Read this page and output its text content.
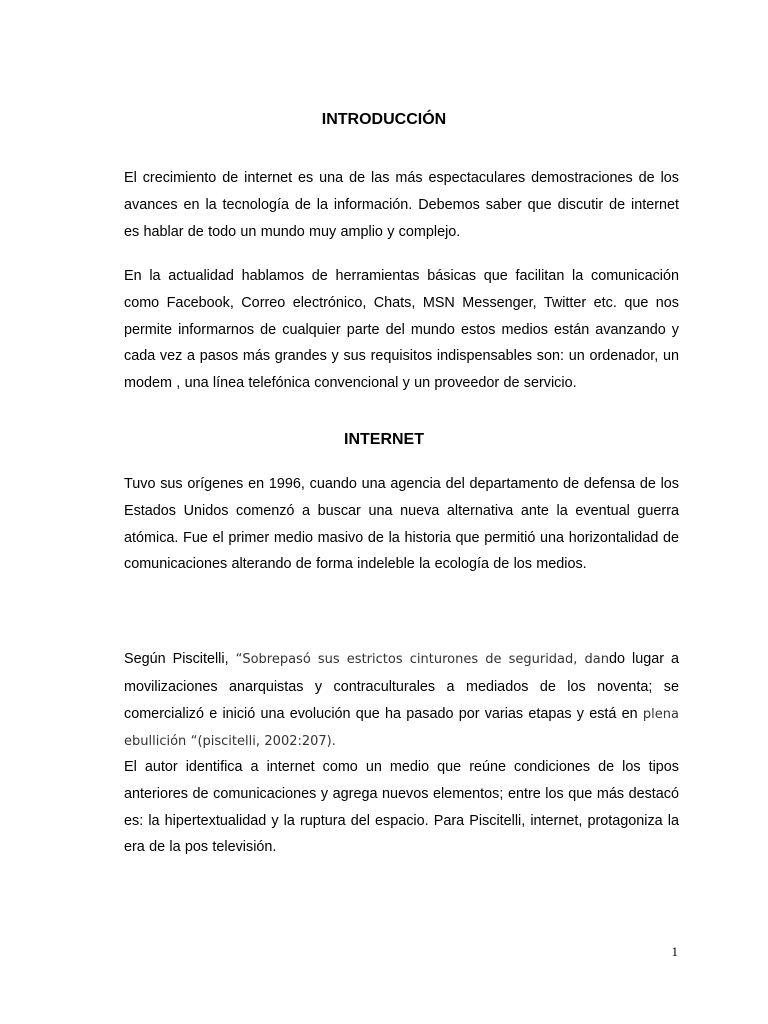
INTRODUCCIÓN

El crecimiento de internet es una de las más espectaculares demostraciones de los avances en la tecnología de la información. Debemos saber que discutir de internet es hablar de todo un mundo muy amplio y complejo.

En la actualidad hablamos de herramientas básicas que facilitan la comunicación como Facebook, Correo electrónico, Chats, MSN Messenger, Twitter etc. que nos permite informarnos de cualquier parte del mundo estos medios están avanzando y cada vez a pasos más grandes y sus requisitos indispensables son: un ordenador, un modem , una línea telefónica convencional y un proveedor de servicio.

INTERNET

Tuvo sus orígenes en 1996, cuando una agencia del departamento de defensa de los Estados Unidos comenzó a buscar una nueva alternativa ante la eventual guerra atómica. Fue el primer medio masivo de la historia que permitió una horizontalidad de comunicaciones alterando de forma indeleble la ecología de los medios.

Según Piscitelli, “Sobrepasó sus estrictos cinturones de seguridad, dando lugar a movilizaciones anarquistas y contraculturales a mediados de los noventa; se comercializó e inició una evolución que ha pasado por varias etapas y está en plena ebullición “(piscitelli, 2002:207).

El autor identifica a internet como un medio que reúne condiciones de los tipos anteriores de comunicaciones y agrega nuevos elementos; entre los que más destacó es: la hipertextualidad y la ruptura del espacio. Para Piscitelli, internet, protagoniza la era de la pos televisión.

1
